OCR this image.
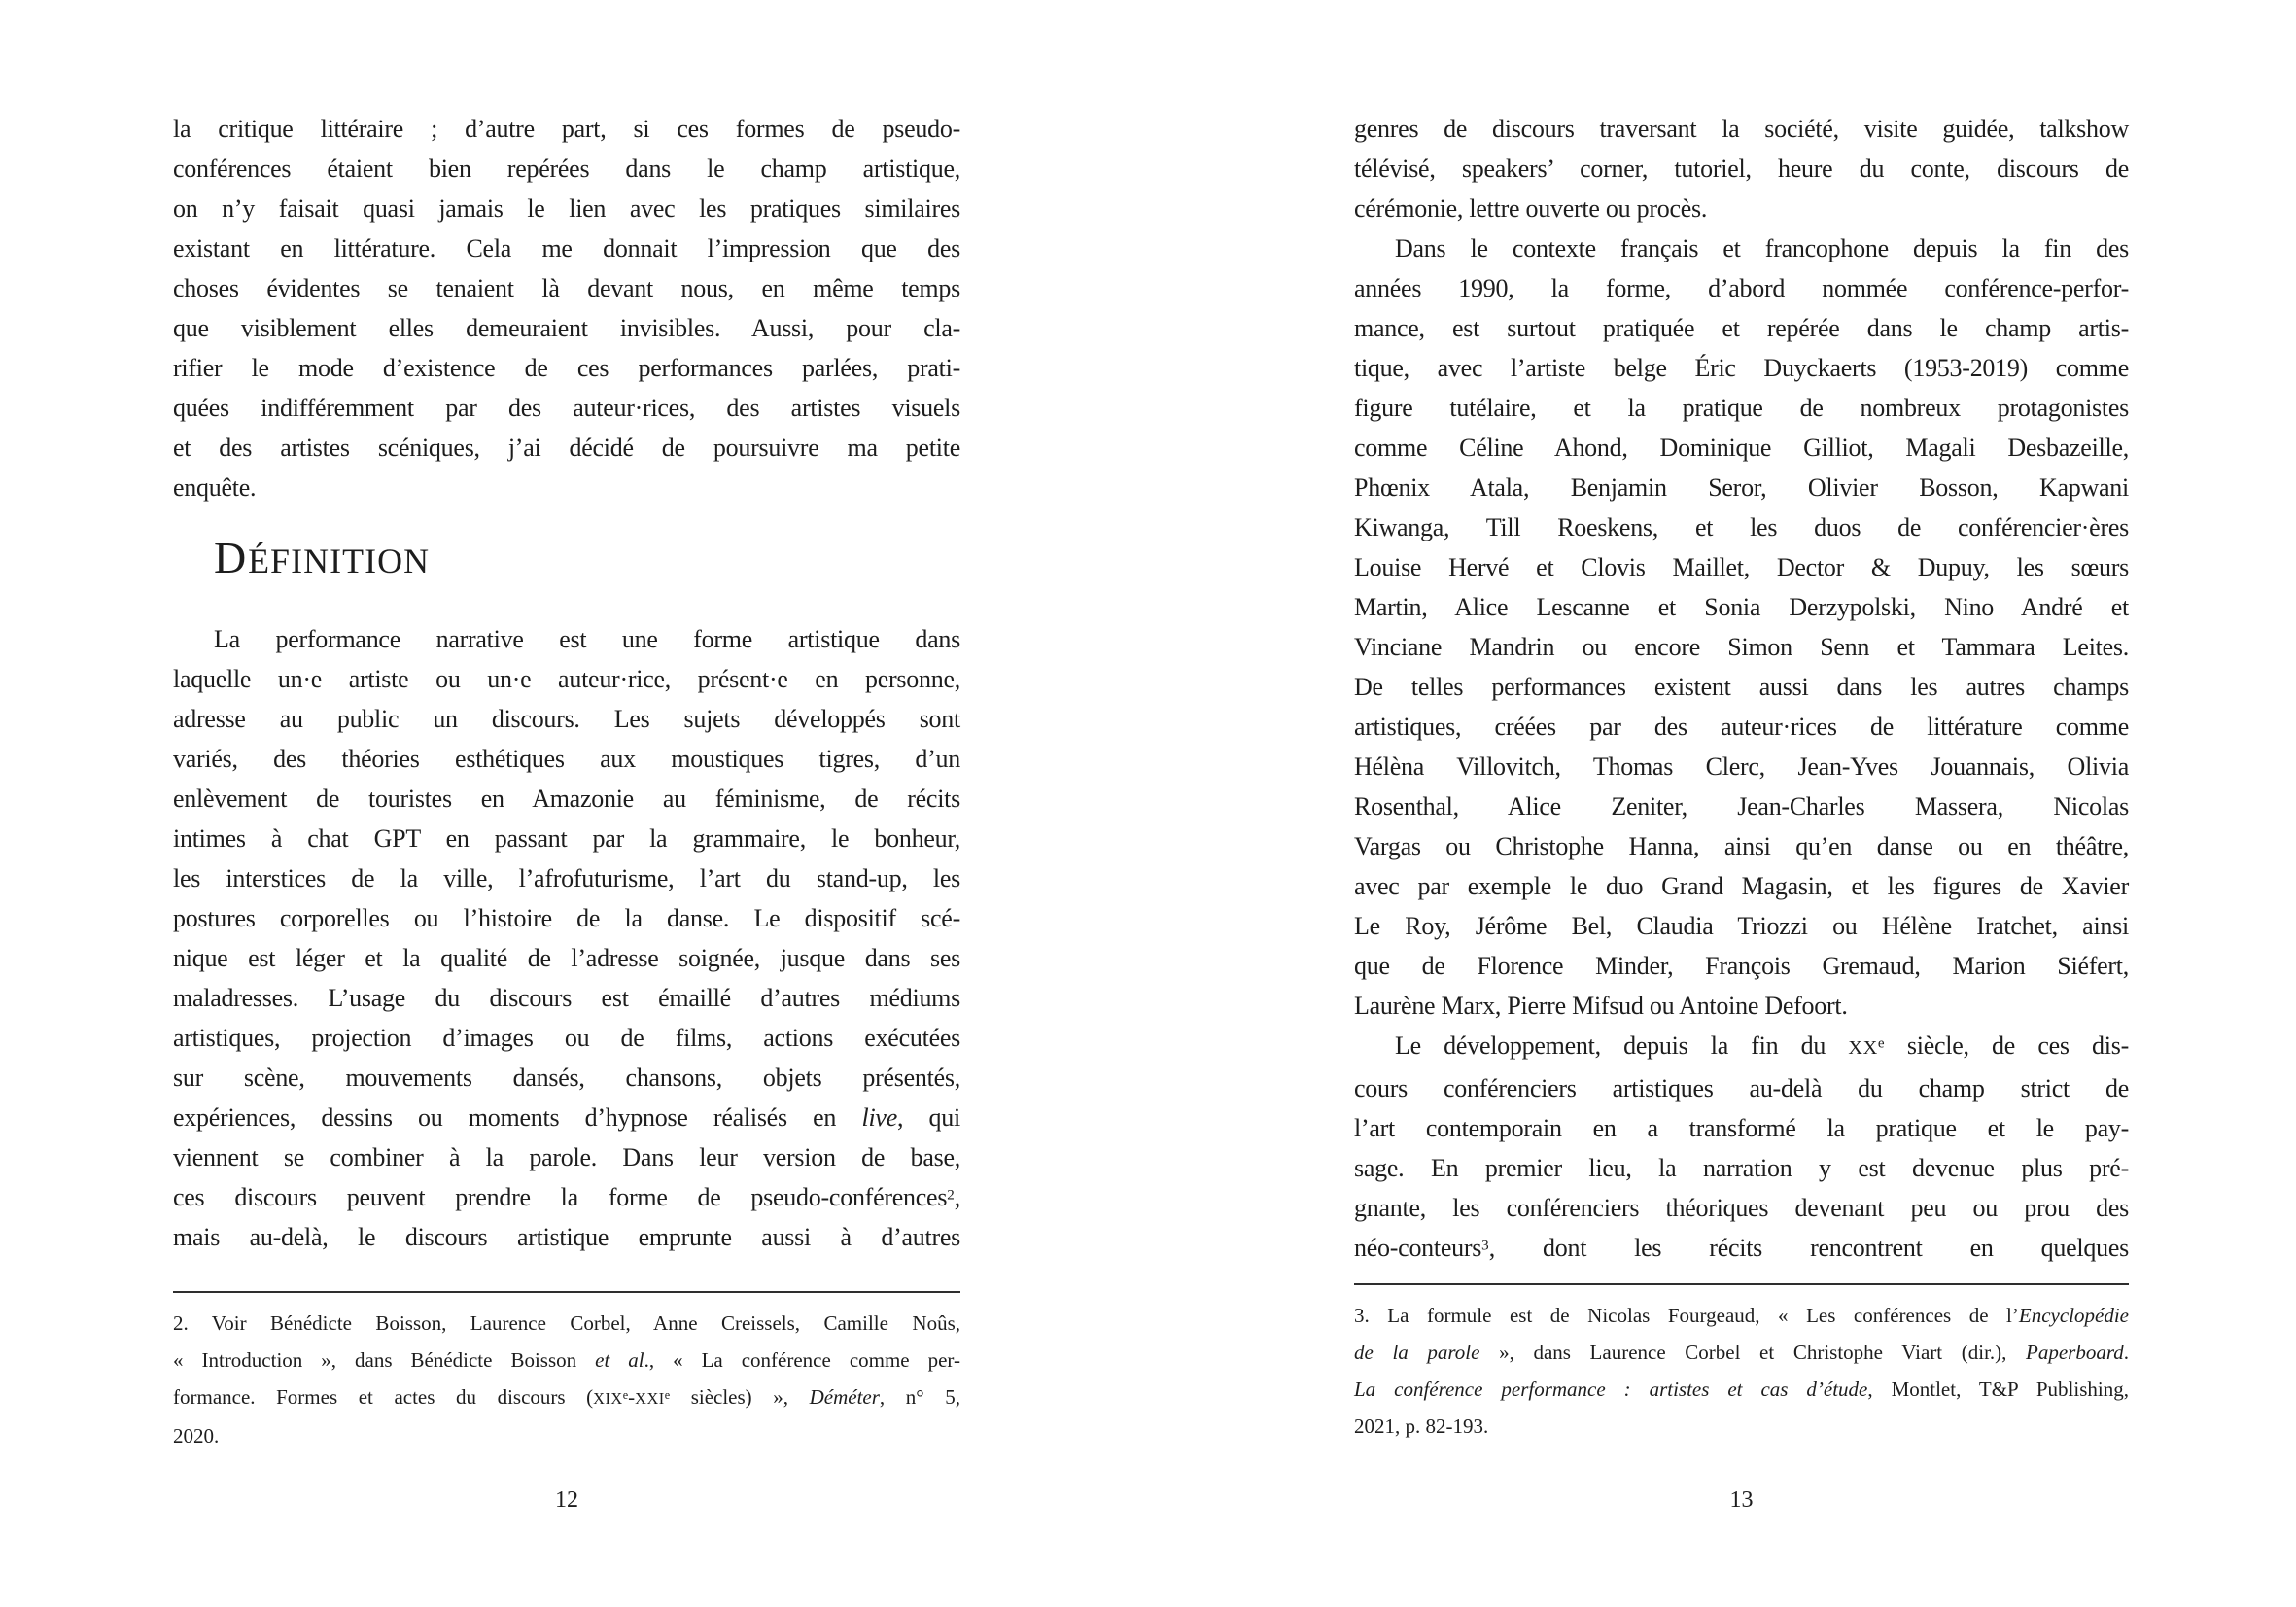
la critique littéraire ; d’autre part, si ces formes de pseudo-
conférences étaient bien repérées dans le champ artistique,
on n’y faisait quasi jamais le lien avec les pratiques similaires
existant en littérature. Cela me donnait l’impression que des
choses évidentes se tenaient là devant nous, en même temps
que visiblement elles demeuraient invisibles. Aussi, pour cla-
rifier le mode d’existence de ces performances parlées, prati-
quées indifféremment par des auteur·rices, des artistes visuels
et des artistes scéniques, j’ai décidé de poursuivre ma petite
enquête.
DÉFINITION
La performance narrative est une forme artistique dans
laquelle un·e artiste ou un·e auteur·rice, présent·e en personne,
adresse au public un discours. Les sujets développés sont
variés, des théories esthétiques aux moustiques tigres, d’un
enlèvement de touristes en Amazonie au féminisme, de récits
intimes à chat GPT en passant par la grammaire, le bonheur,
les interstices de la ville, l’afrofuturisme, l’art du stand-up, les
postures corporelles ou l’histoire de la danse. Le dispositif scé-
nique est léger et la qualité de l’adresse soignée, jusque dans ses
maladresses. L’usage du discours est émaillé d’autres médiums
artistiques, projection d’images ou de films, actions exécutées
sur scène, mouvements dansés, chansons, objets présentés,
expériences, dessins ou moments d’hypnose réalisés en live, qui
viennent se combiner à la parole. Dans leur version de base,
ces discours peuvent prendre la forme de pseudo-conférences$^2$,
mais au-delà, le discours artistique emprunte aussi à d’autres
2. Voir Bénédicte Boisson, Laurence Corbel, Anne Creissels, Camille Noûs,
« Introduction », dans Bénédicte Boisson et al., « La conférence comme per-
formance. Formes et actes du discours (XIXe-XXIe siècles) », Déméter, n° 5,
2020.
12
genres de discours traversant la société, visite guidée, talkshow
télévisé, speakers’ corner, tutoriel, heure du conte, discours de
cérémonie, lettre ouverte ou procès.
Dans le contexte français et francophone depuis la fin des
années 1990, la forme, d’abord nommée conférence-perfor-
mance, est surtout pratiquée et repérée dans le champ artis-
tique, avec l’artiste belge Éric Duyckaerts (1953-2019) comme
figure tutélaire, et la pratique de nombreux protagonistes
comme Céline Ahond, Dominique Gilliot, Magali Desbazeille,
Phœnix Atala, Benjamin Seror, Olivier Bosson, Kapwani
Kiwanga, Till Roeskens, et les duos de conférencier·ères
Louise Hervé et Clovis Maillet, Dector & Dupuy, les sœurs
Martin, Alice Lescanne et Sonia Derzypolski, Nino André et
Vinciane Mandrin ou encore Simon Senn et Tammara Leites.
De telles performances existent aussi dans les autres champs
artistiques, créées par des auteur·rices de littérature comme
Hélèna Villovitch, Thomas Clerc, Jean-Yves Jouannais, Olivia
Rosenthal, Alice Zeniter, Jean-Charles Massera, Nicolas
Vargas ou Christophe Hanna, ainsi qu’en danse ou en théâtre,
avec par exemple le duo Grand Magasin, et les figures de Xavier
Le Roy, Jérôme Bel, Claudia Triozzi ou Hélène Iratchet, ainsi
que de Florence Minder, François Gremaud, Marion Siéfert,
Laurène Marx, Pierre Mifsud ou Antoine Defoort.
Le développement, depuis la fin du XXe siècle, de ces dis-
cours conférenciers artistiques au-delà du champ strict de
l’art contemporain en a transformé la pratique et le pay-
sage. En premier lieu, la narration y est devenue plus pré-
gnante, les conférenciers théoriques devenant peu ou prou des
néo-conteurs$^3$, dont les récits rencontrent en quelques
3. La formule est de Nicolas Fourgeaud, « Les conférences de l’Encyclopédie
de la parole », dans Laurence Corbel et Christophe Viart (dir.), Paperboard.
La conférence performance : artistes et cas d’étude, Montlet, T&P Publishing,
2021, p. 82-193.
13
